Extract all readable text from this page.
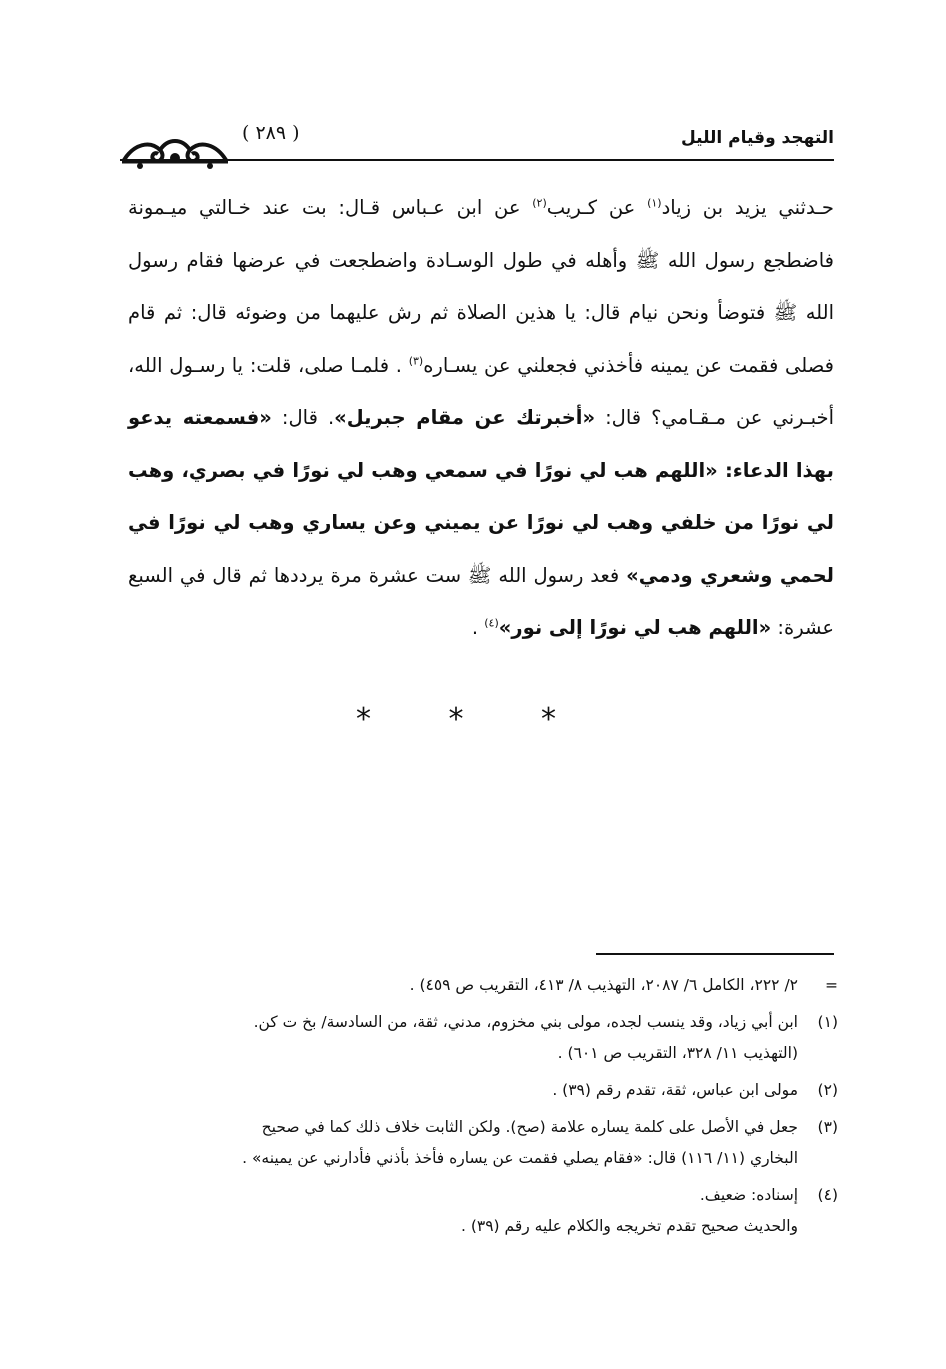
التهجد وقيام الليل
( ٢٨٩ )
حـدثني يزيد بن زياد$^{(١)}$ عن كـريب$^{(٢)}$ عن ابن عـباس قـال: بت عند خـالتي ميـمونة فاضطجع رسول الله ﷺ وأهله في طول الوسـادة واضطجعت في عرضها فقام رسول الله ﷺ فتوضأ ونحن نيام قال: يا هذين الصلاة ثم رش عليهما من وضوئه قال: ثم قام فصلى فقمت عن يمينه فأخذني فجعلني عن يسـاره$^{(٣)}$ . فلمـا صلى، قلت: يا رسـول الله، أخبـرني عن مـقـامي؟ قال: «أخبرتك عن مقام جبريل». قال: «فسمعته يدعو بهذا الدعاء: «اللهم هب لي نورًا في سمعي وهب لي نورًا في بصري، وهب لي نورًا من خلفي وهب لي نورًا عن يميني وعن يساري وهب لي نورًا في لحمي وشعري ودمي» فعد رسول الله ﷺ ست عشرة مرة يرددها ثم قال في السبع عشرة: «اللهم هب لي نورًا إلى نور»$^{(٤)}$ .
* * *
=
٢/ ٢٢٢، الكامل ٦/ ٢٠٨٧، التهذيب ٨/ ٤١٣، التقريب ص ٤٥٩) .
(١)
ابن أبي زياد، وقد ينسب لجده، مولى بني مخزوم، مدني، ثقة، من السادسة/ بخ ت كن.
(التهذيب ١١/ ٣٢٨، التقريب ص ٦٠١) .
(٢)
مولى ابن عباس، ثقة، تقدم رقم (٣٩) .
(٣)
جعل في الأصل على كلمة يساره علامة (صح). ولكن الثابت خلاف ذلك كما في صحيح
البخاري (١١/ ١١٦) قال: «فقام يصلي فقمت عن يساره فأخذ بأذني فأدارني عن يمينه» .
(٤)
إسناده: ضعيف.
والحديث صحيح تقدم تخريجه والكلام عليه رقم (٣٩) .
